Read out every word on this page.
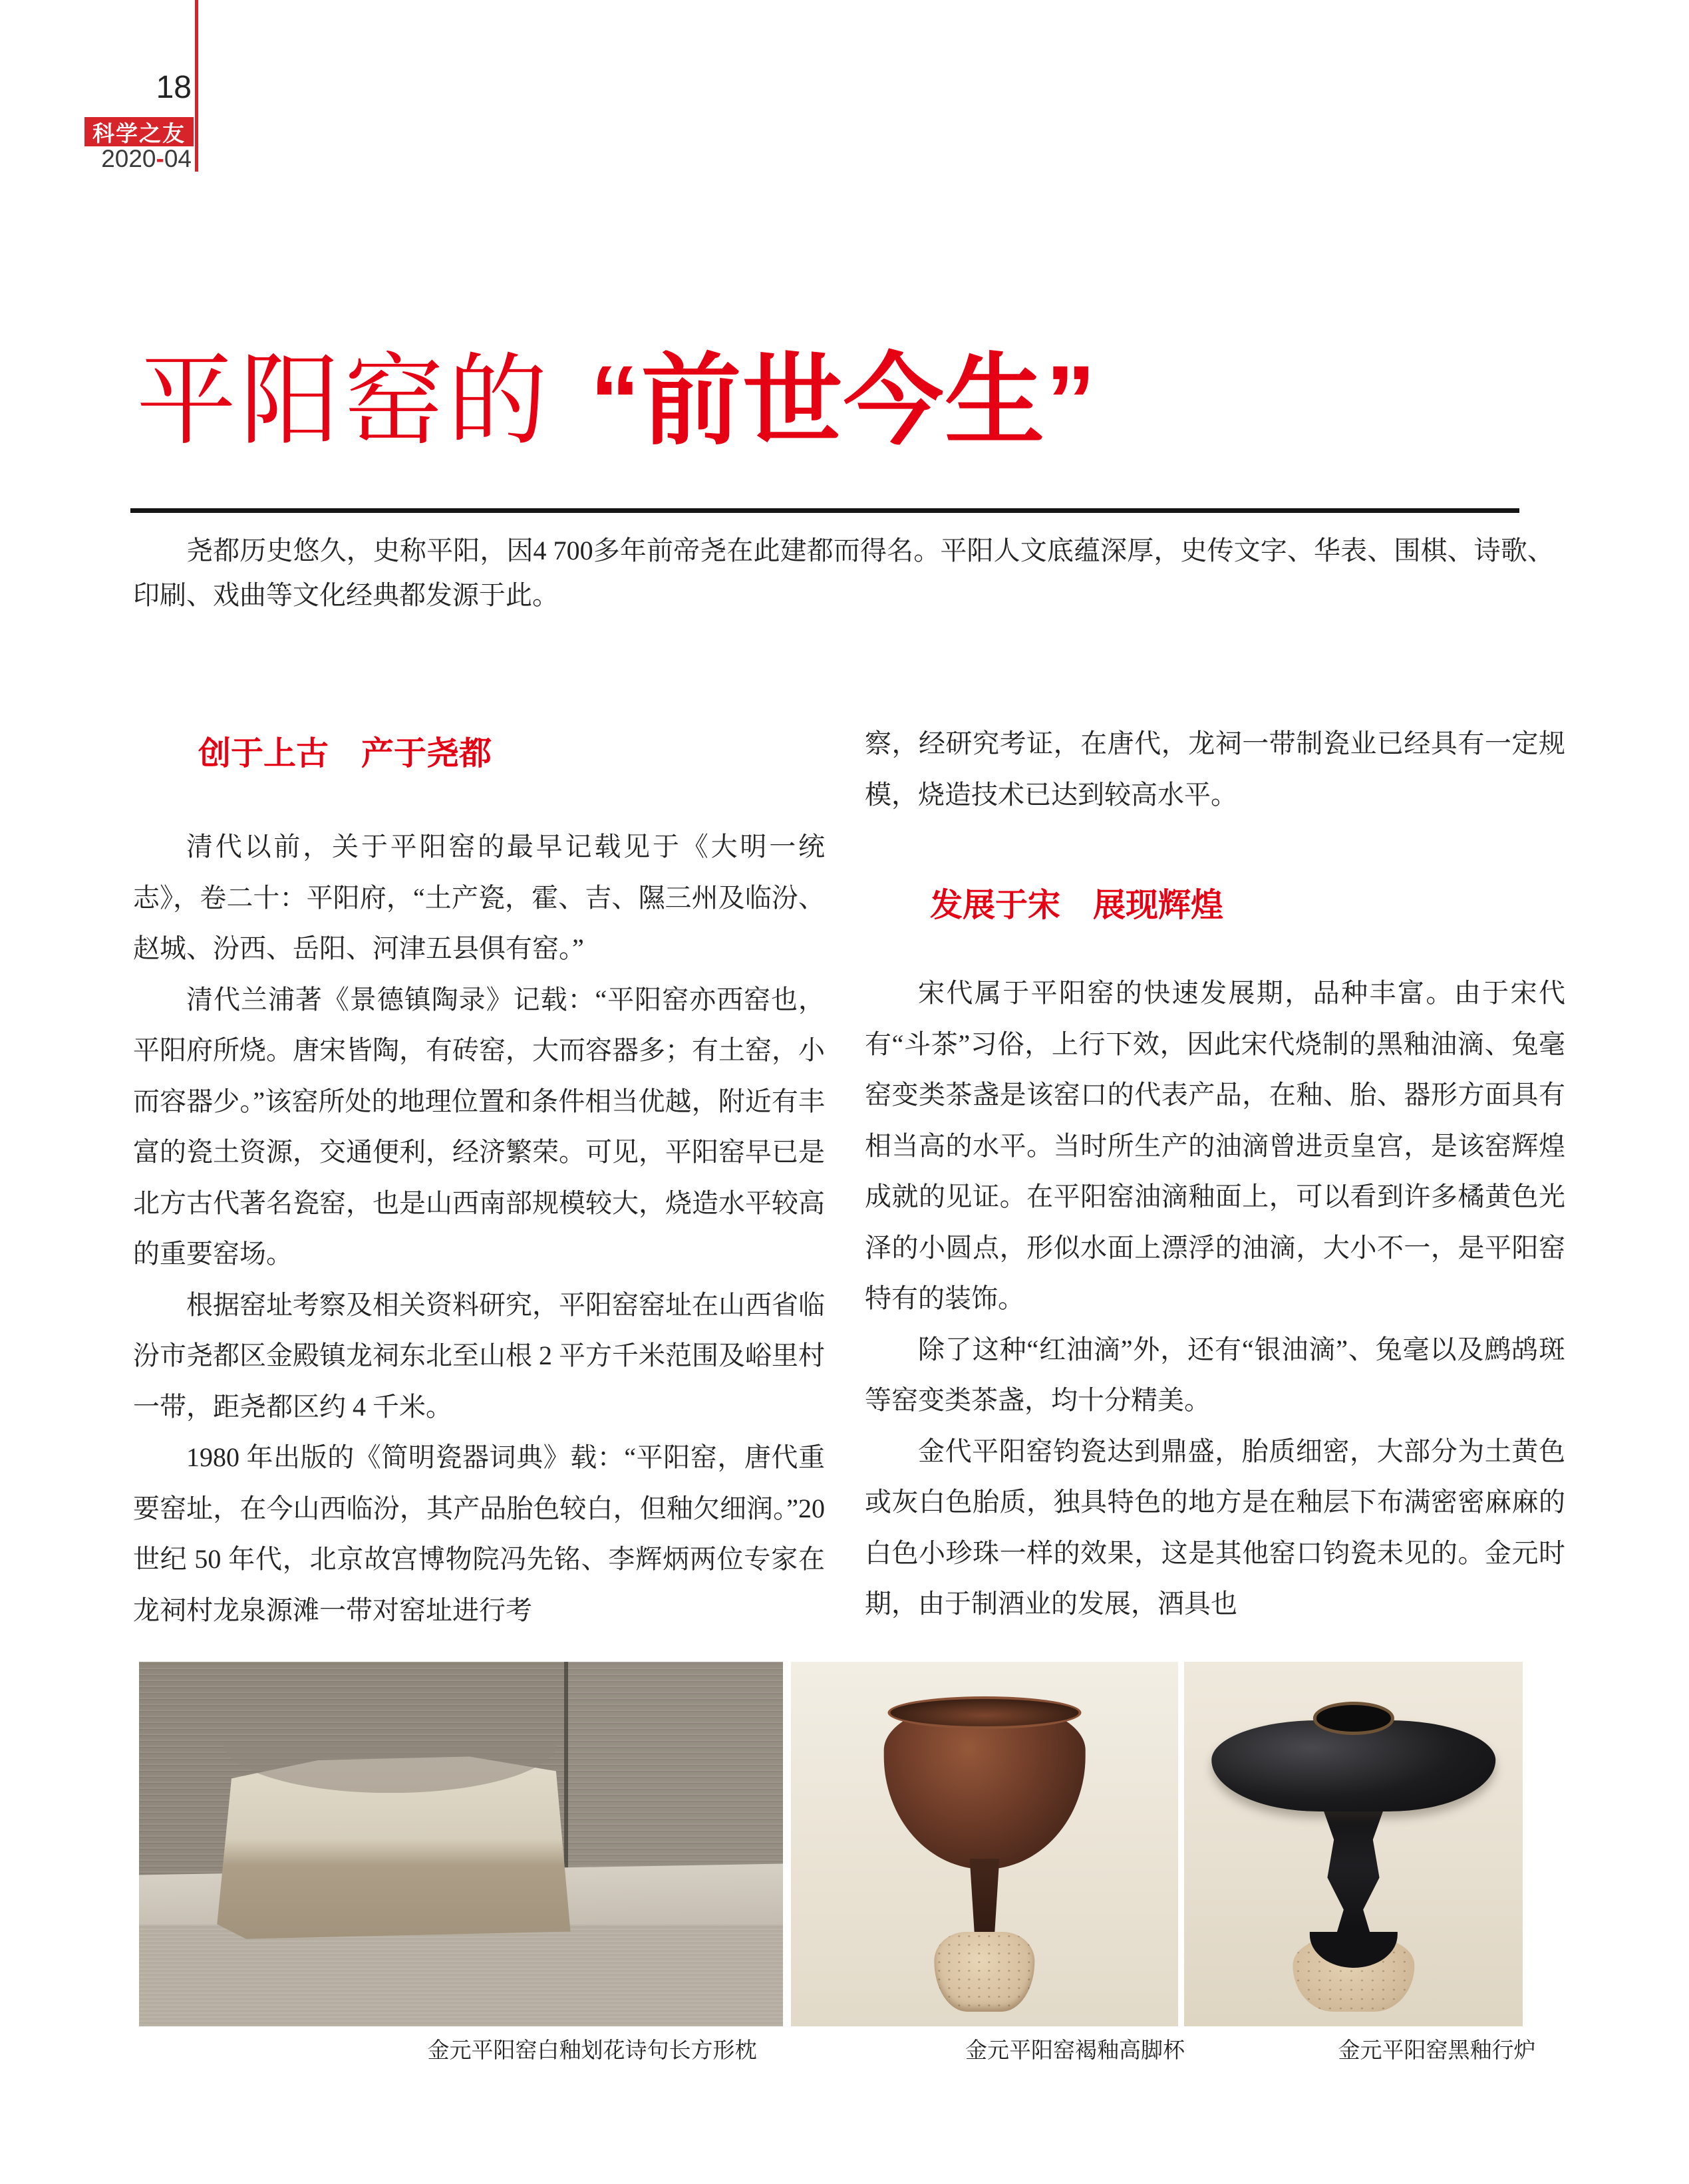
18
科学之友
2020-04
平阳窑的 “前世今生”
尧都历史悠久，史称平阳，因4 700多年前帝尧在此建都而得名。平阳人文底蕴深厚，史传文字、华表、围棋、诗歌、印刷、戏曲等文化经典都发源于此。
创于上古　产于尧都

清代以前，关于平阳窑的最早记载见于《大明一统志》，卷二十：平阳府，“土产瓷，霍、吉、隰三州及临汾、赵城、汾西、岳阳、河津五县俱有窑。”

清代兰浦著《景德镇陶录》记载：“平阳窑亦西窑也，平阳府所烧。唐宋皆陶，有砖窑，大而容器多；有土窑，小而容器少。”该窑所处的地理位置和条件相当优越，附近有丰富的瓷土资源，交通便利，经济繁荣。可见，平阳窑早已是北方古代著名瓷窑，也是山西南部规模较大，烧造水平较高的重要窑场。

根据窑址考察及相关资料研究，平阳窑窑址在山西省临汾市尧都区金殿镇龙祠东北至山根 2 平方千米范围及峪里村一带，距尧都区约 4 千米。

1980 年出版的《简明瓷器词典》载：“平阳窑，唐代重要窑址，在今山西临汾，其产品胎色较白，但釉欠细润。”20 世纪 50 年代，北京故宫博物院冯先铭、李辉炳两位专家在龙祠村龙泉源滩一带对窑址进行考

察，经研究考证，在唐代，龙祠一带制瓷业已经具有一定规模，烧造技术已达到较高水平。

发展于宋　展现辉煌

宋代属于平阳窑的快速发展期，品种丰富。由于宋代有“斗茶”习俗，上行下效，因此宋代烧制的黑釉油滴、兔毫窑变类茶盏是该窑口的代表产品，在釉、胎、器形方面具有相当高的水平。当时所生产的油滴曾进贡皇宫，是该窑辉煌成就的见证。在平阳窑油滴釉面上，可以看到许多橘黄色光泽的小圆点，形似水面上漂浮的油滴，大小不一，是平阳窑特有的装饰。

除了这种“红油滴”外，还有“银油滴”、兔毫以及鹧鸪斑等窑变类茶盏，均十分精美。

金代平阳窑钧瓷达到鼎盛，胎质细密，大部分为土黄色或灰白色胎质，独具特色的地方是在釉层下布满密密麻麻的白色小珍珠一样的效果，这是其他窑口钧瓷未见的。金元时期，由于制酒业的发展，酒具也

金元平阳窑白釉划花诗句长方形枕	金元平阳窑褐釉高脚杯	金元平阳窑黑釉行炉
